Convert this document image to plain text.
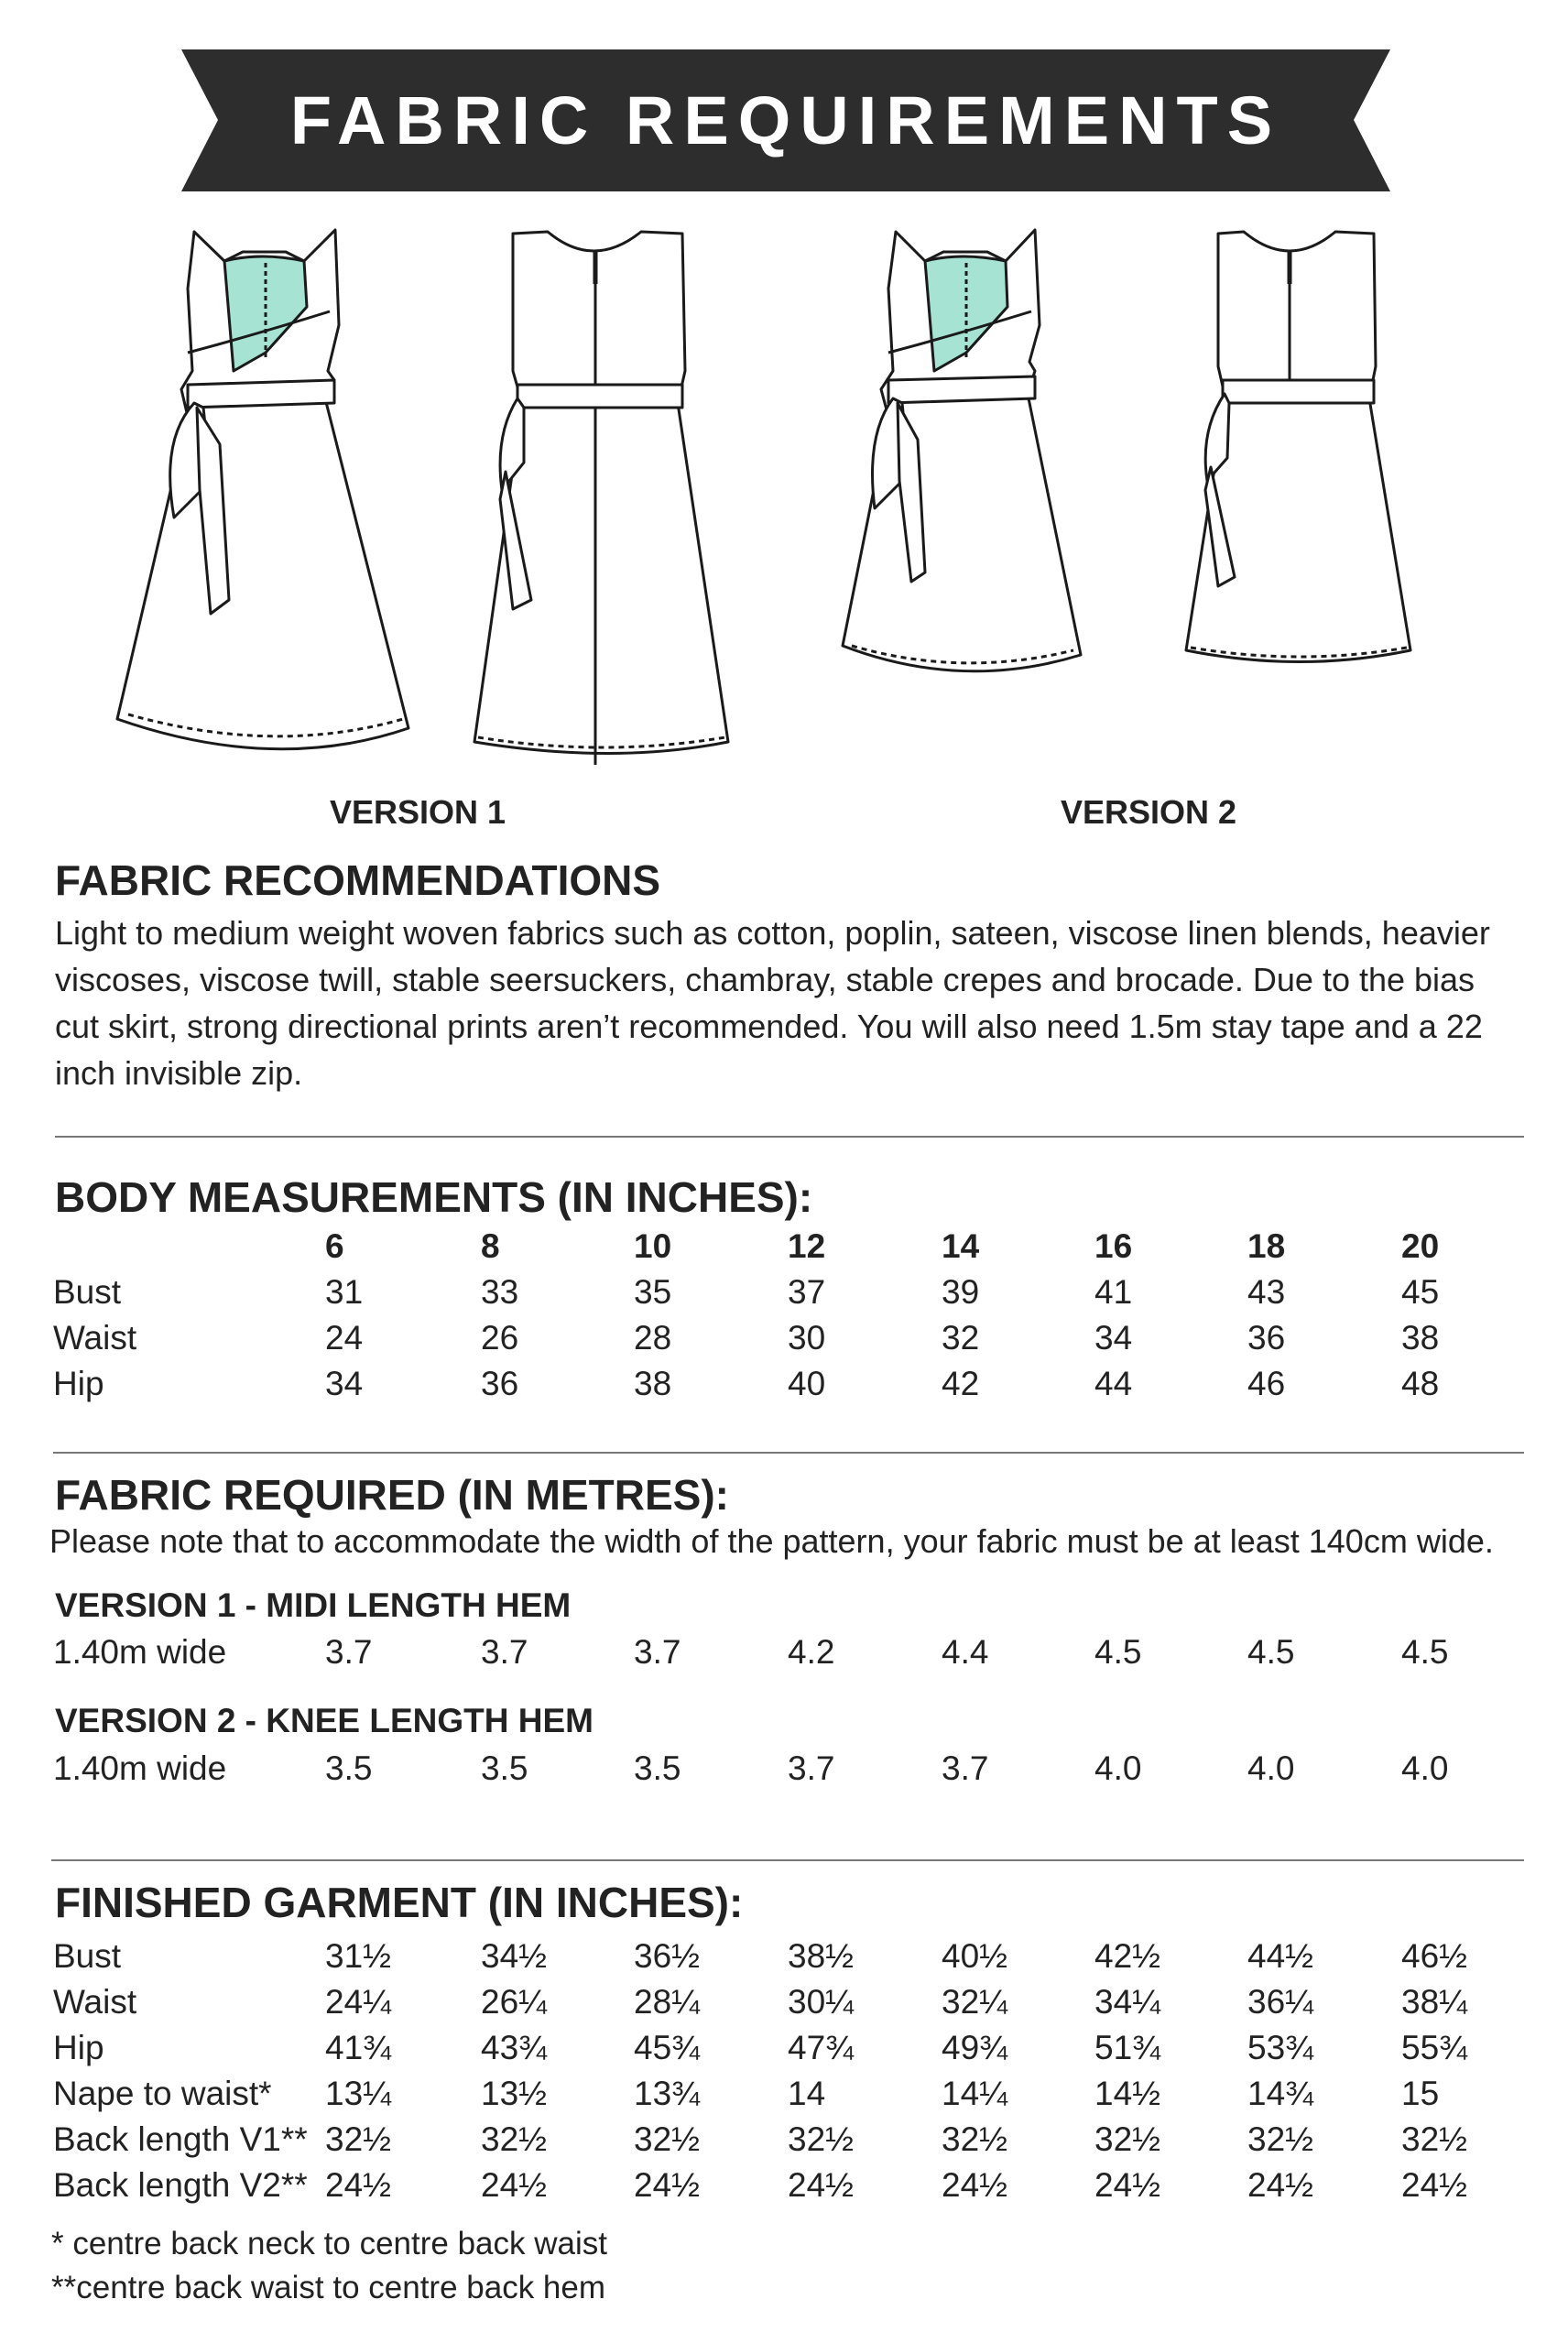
FABRIC REQUIREMENTS
VERSION 1	VERSION 2
FABRIC RECOMMENDATIONS
Light to medium weight woven fabrics such as cotton, poplin, sateen, viscose linen blends, heavier viscoses, viscose twill, stable seersuckers, chambray, stable crepes and brocade. Due to the bias cut skirt, strong directional prints aren’t recommended. You will also need 1.5m stay tape and a 22 inch invisible zip.
BODY MEASUREMENTS (IN INCHES):
6	8	10	12	14	16	18	20
Bust	31	33	35	37	39	41	43	45
Waist	24	26	28	30	32	34	36	38
Hip	34	36	38	40	42	44	46	48
FABRIC REQUIRED (IN METRES):
Please note that to accommodate the width of the pattern, your fabric must be at least 140cm wide.
VERSION 1 - MIDI LENGTH HEM
1.40m wide	3.7	3.7	3.7	4.2	4.4	4.5	4.5	4.5
VERSION 2 - KNEE LENGTH HEM
1.40m wide	3.5	3.5	3.5	3.7	3.7	4.0	4.0	4.0
FINISHED GARMENT (IN INCHES):
Bust	31½	34½	36½	38½	40½	42½	44½	46½
Waist	24¼	26¼	28¼	30¼	32¼	34¼	36¼	38¼
Hip	41¾	43¾	45¾	47¾	49¾	51¾	53¾	55¾
Nape to waist* 13¼	13½	13¾	14	14¼	14½	14¾	15
Back length V1** 32½	32½	32½	32½	32½	32½	32½	32½
Back length V2** 24½	24½	24½	24½	24½	24½	24½	24½
* centre back neck to centre back waist
**centre back waist to centre back hem
